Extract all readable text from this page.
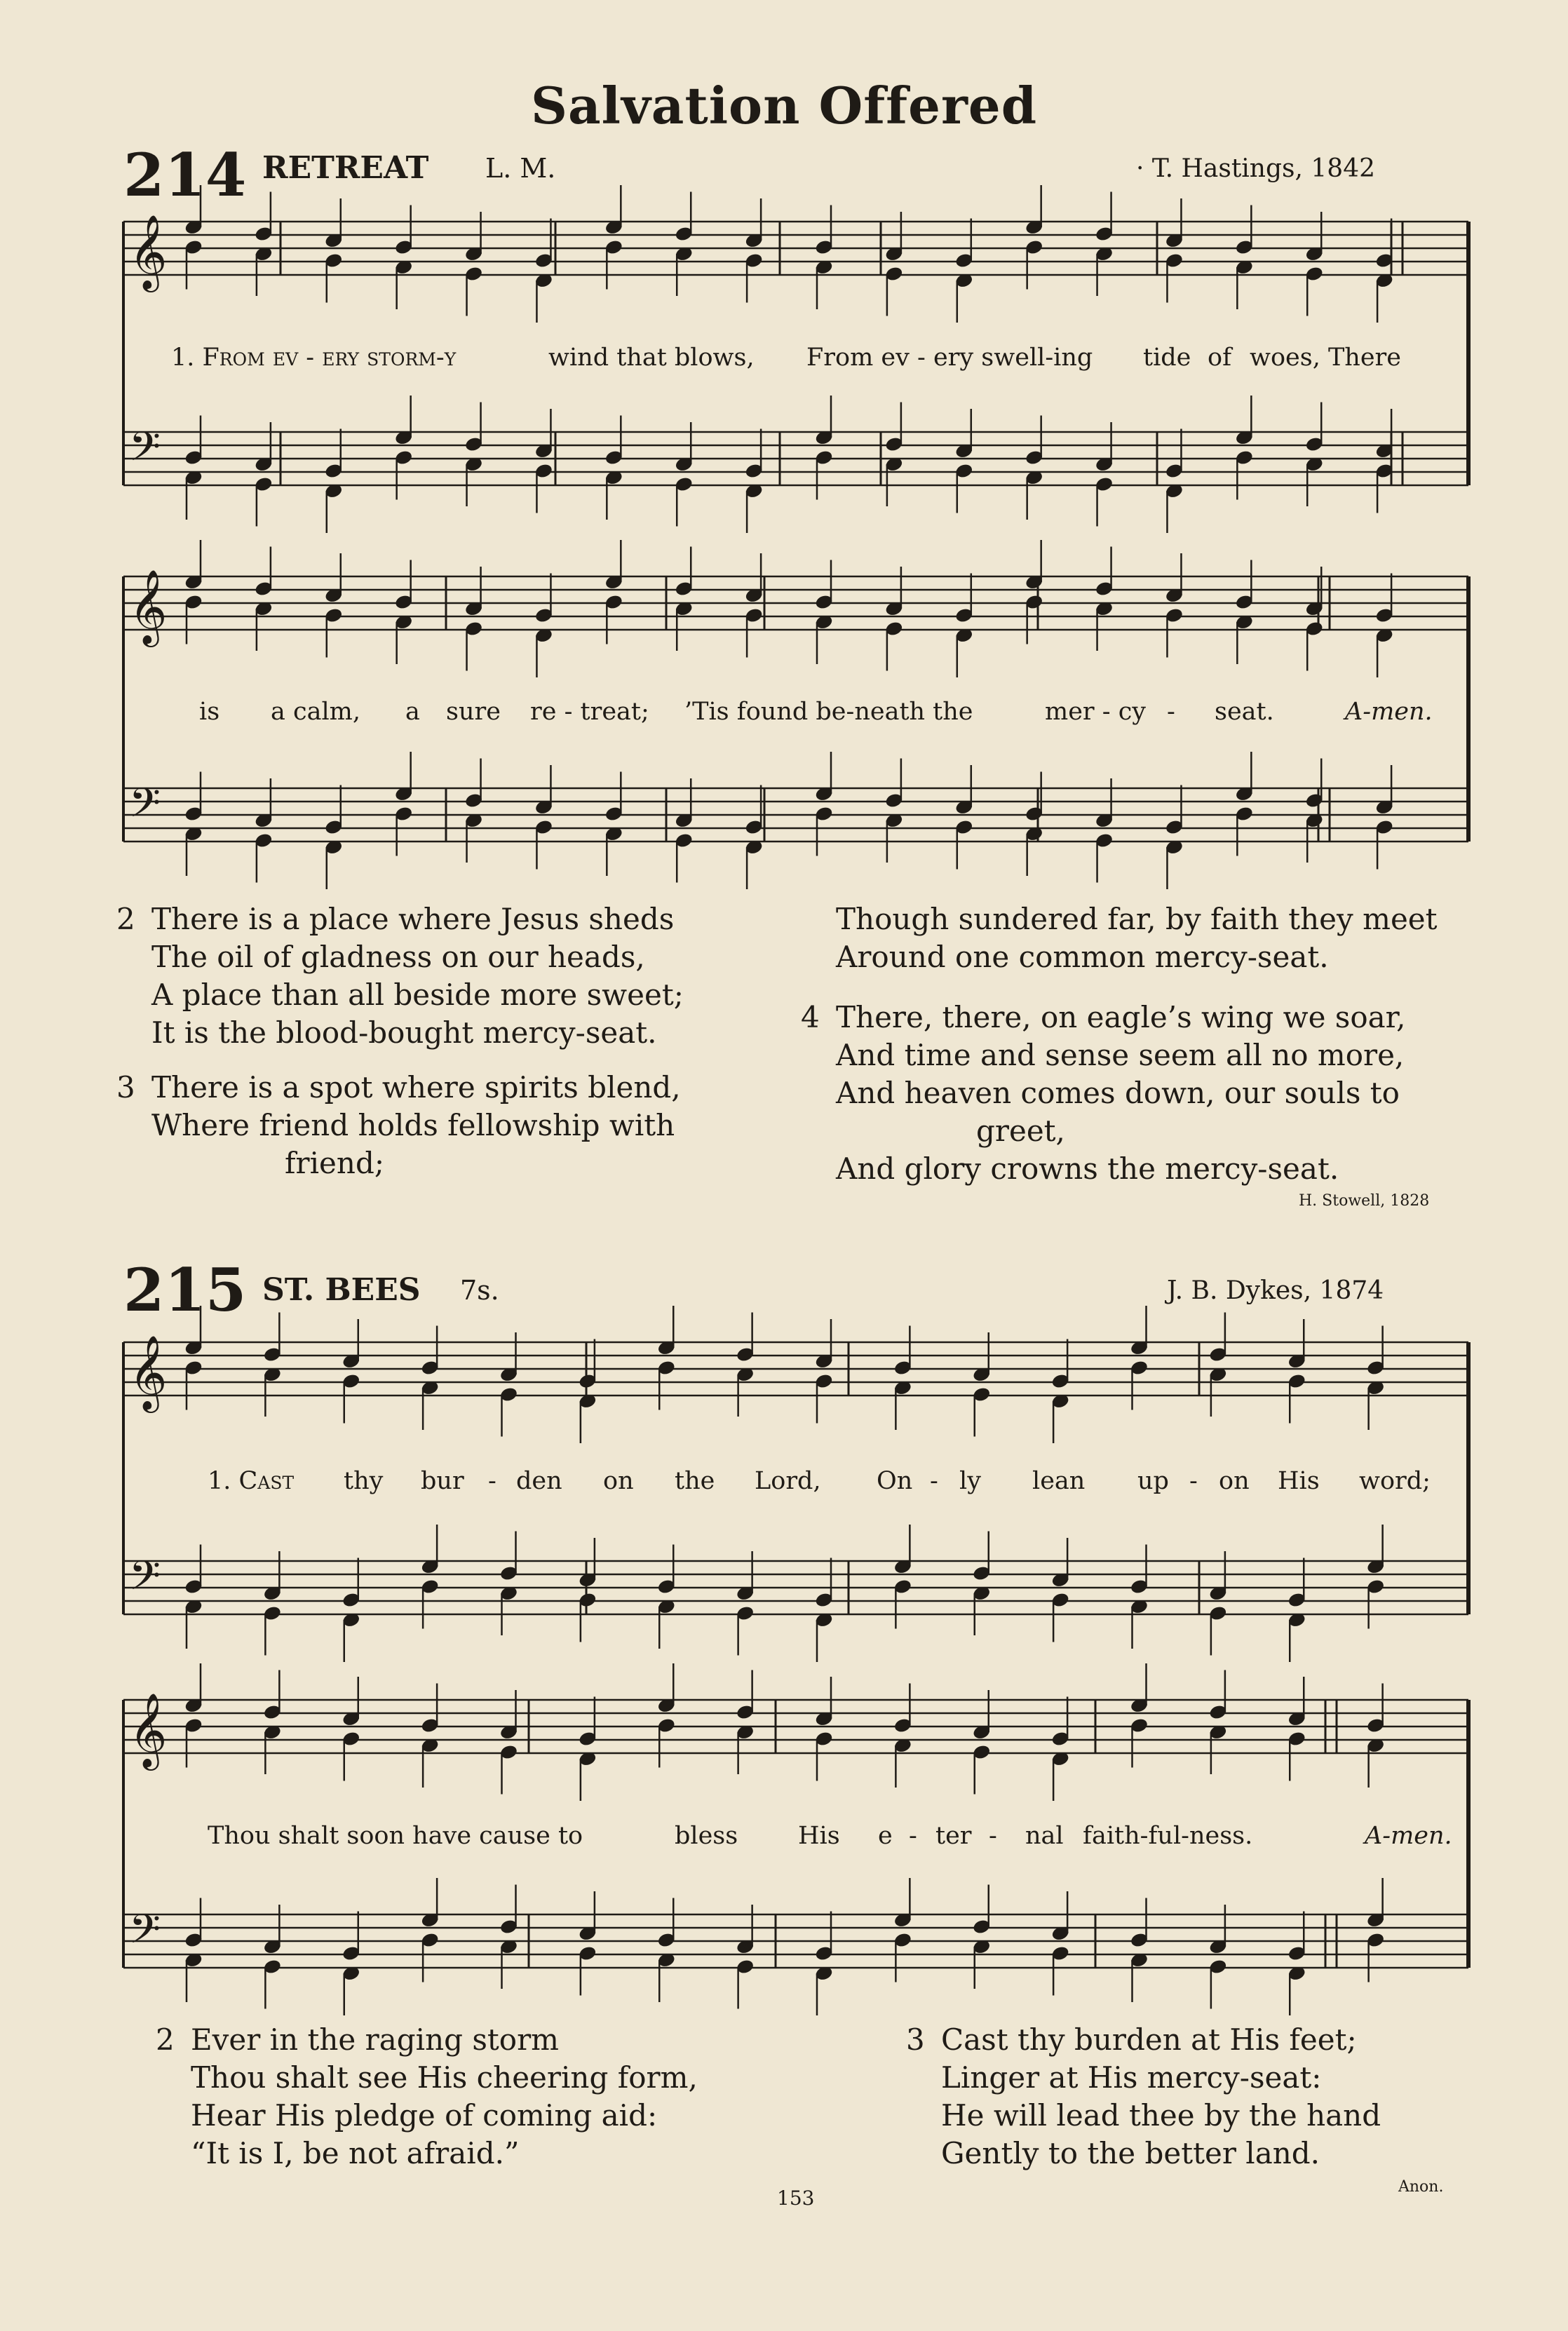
Salvation Offered
214 RETREAT L. M.	· T. Hastings, 1842
𝄞
𝄞
𝄞
𝄞
𝄢
𝄢
𝄢
𝄢
1. From ev - ery storm-y	wind that blows, From ev - ery swell-ing tide of woes, There
is a calm, a sure re - treat; ’Tis found be-neath the	mer - cy - seat.	A-men.
2 There is a place where Jesus sheds
The oil of gladness on our heads,
A place than all beside more sweet;
It is the blood-bought mercy-seat.
3 There is a spot where spirits blend,
Where friend holds fellowship with
friend;
Though sundered far, by faith they meet
Around one common mercy-seat.
4 There, there, on eagle’s wing we soar,
And time and sense seem all no more,
And heaven comes down, our souls to
greet,
And glory crowns the mercy-seat.
H. Stowell, 1828
215 ST. BEES 7s.	J. B. Dykes, 1874
1. Cast thy bur - den on the Lord, On - ly lean up - on His word;
Thou shalt soon have cause to	bless His e - ter - nal faith-ful-ness.	A-men.
2 Ever in the raging storm
Thou shalt see His cheering form,
Hear His pledge of coming aid:
“It is I, be not afraid.”
3 Cast thy burden at His feet;
Linger at His mercy-seat:
He will lead thee by the hand
Gently to the better land.
Anon.
153
